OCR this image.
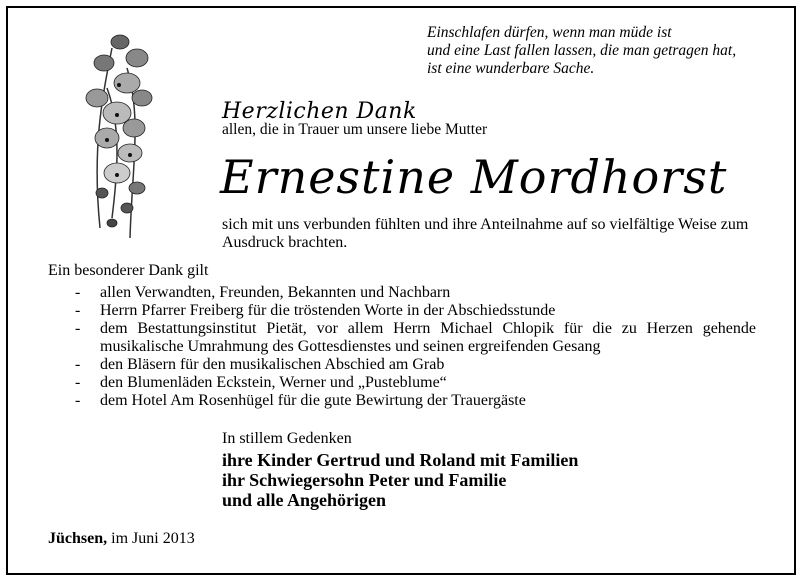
Einschlafen dürfen, wenn man müde ist
und eine Last fallen lassen, die man getragen hat,
ist eine wunderbare Sache.
Herzlichen Dank
allen, die in Trauer um unsere liebe Mutter
Ernestine Mordhorst
sich mit uns verbunden fühlten und ihre Anteilnahme auf so vielfältige Weise zum Ausdruck brachten.
Ein besonderer Dank gilt
- allen Verwandten, Freunden, Bekannten und Nachbarn
- Herrn Pfarrer Freiberg für die tröstenden Worte in der Abschiedsstunde
- dem Bestattungsinstitut Pietät, vor allem Herrn Michael Chlopik für die zu Herzen gehende musikalische Umrahmung des Gottesdienstes und seinen ergreifenden Gesang
- den Bläsern für den musikalischen Abschied am Grab
- den Blumenläden Eckstein, Werner und „Pusteblume“
- dem Hotel Am Rosenhügel für die gute Bewirtung der Trauergäste
In stillem Gedenken
ihre Kinder Gertrud und Roland mit Familien
ihr Schwiegersohn Peter und Familie
und alle Angehörigen
Jüchsen, im Juni 2013
